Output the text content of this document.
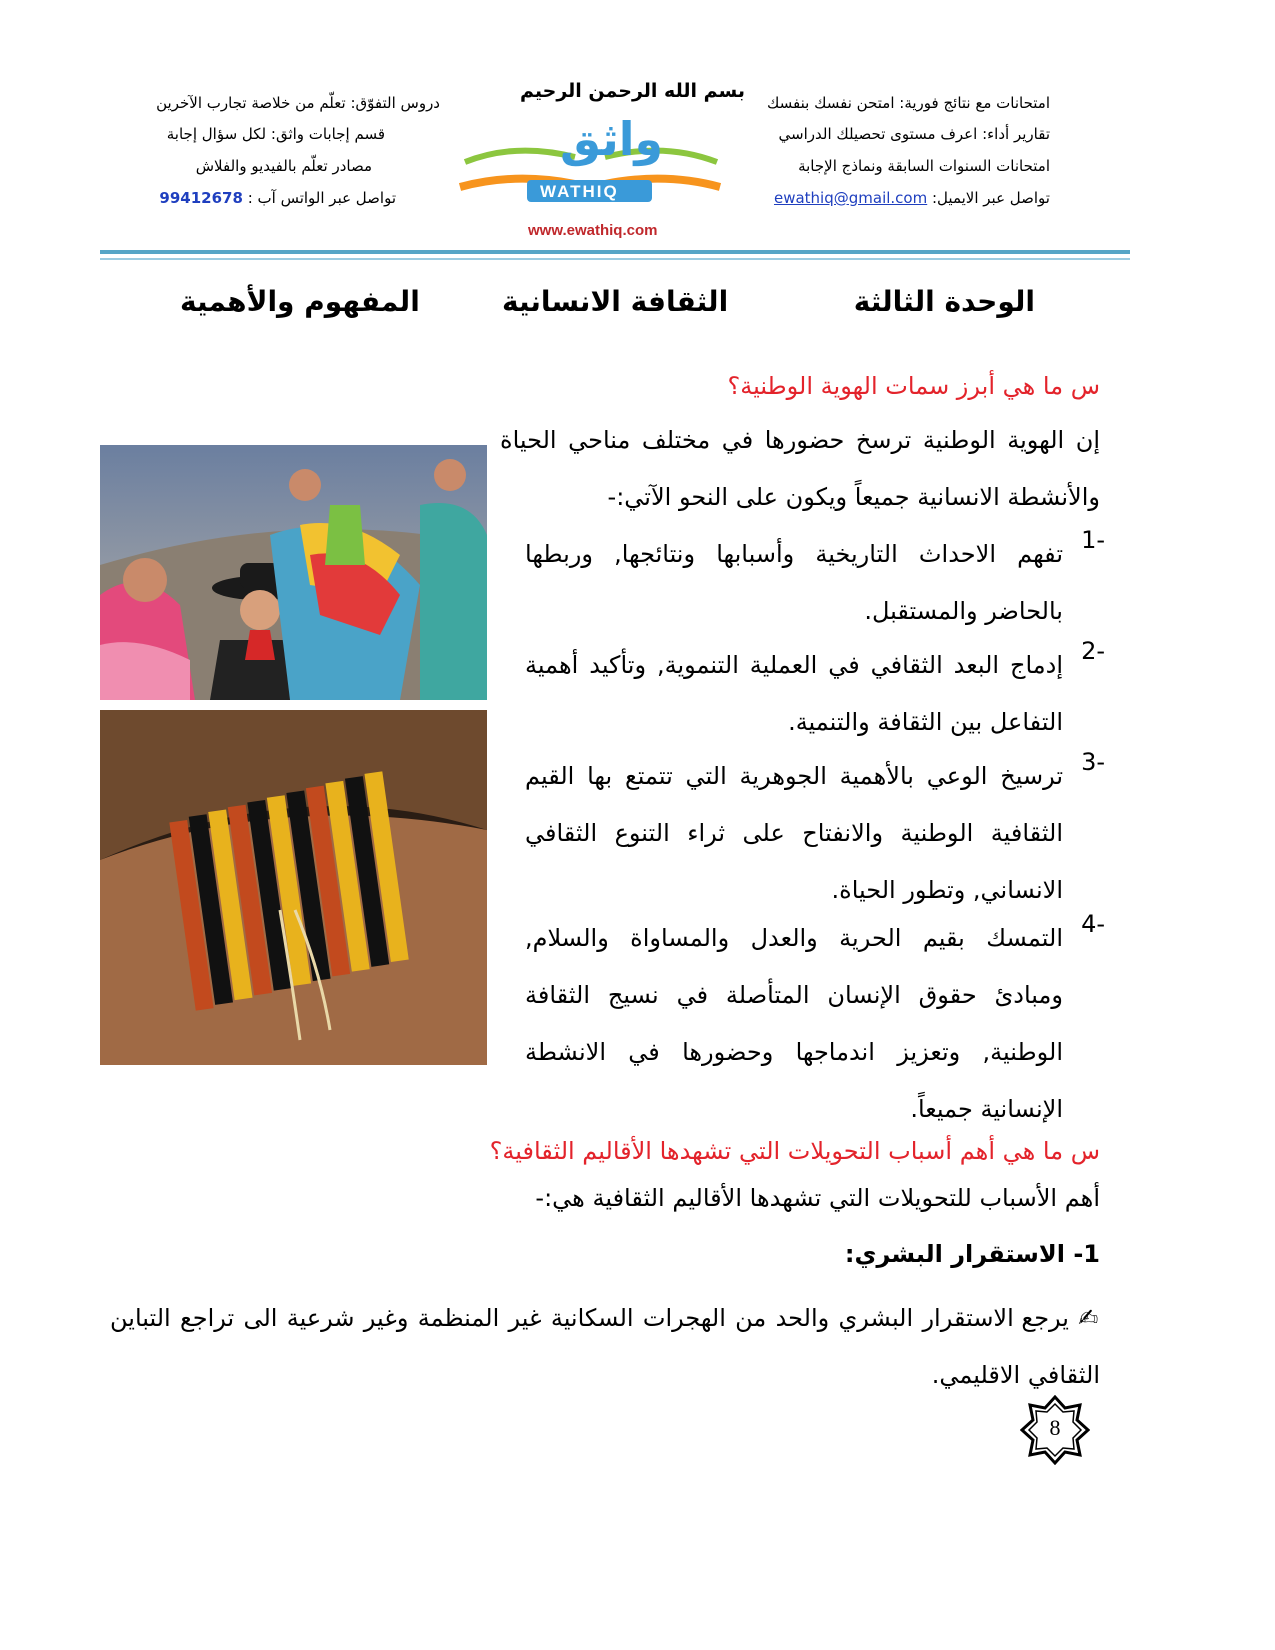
بسم الله الرحمن الرحيم
امتحانات مع نتائج فورية: امتحن نفسك بنفسك
تقارير أداء: اعرف مستوى تحصيلك الدراسي
امتحانات السنوات السابقة ونماذج الإجابة
تواصل عبر الايميل: ewathiq@gmail.com
دروس التفوّق: تعلّم من خلاصة تجارب الآخرين
قسم إجابات واثق: لكل سؤال إجابة
مصادر تعلّم بالفيديو والفلاش
تواصل عبر الواتس آب : 99412678
واثق
WATHIQ
www.ewathiq.com
الوحدة الثالثة
الثقافة الانسانية
المفهوم والأهمية
س ما هي أبرز سمات الهوية الوطنية؟
إن الهوية الوطنية ترسخ حضورها في مختلف مناحي الحياة والأنشطة الانسانية جميعاً ويكون على النحو الآتي:-
1-
تفهم الاحداث التاريخية وأسبابها ونتائجها, وربطها بالحاضر والمستقبل.
2-
إدماج البعد الثقافي في العملية التنموية, وتأكيد أهمية التفاعل بين الثقافة والتنمية.
3-
ترسيخ الوعي بالأهمية الجوهرية التي تتمتع بها القيم الثقافية الوطنية والانفتاح على ثراء التنوع الثقافي الانساني, وتطور الحياة.
4-
التمسك بقيم الحرية والعدل والمساواة والسلام, ومبادئ حقوق الإنسان المتأصلة في نسيج الثقافة الوطنية, وتعزيز اندماجها وحضورها في الانشطة الإنسانية جميعاً.
س ما هي أهم أسباب التحويلات التي تشهدها الأقاليم الثقافية؟
أهم الأسباب للتحويلات التي تشهدها الأقاليم الثقافية هي:-
1- الاستقرار البشري:
✍ يرجع الاستقرار البشري والحد من الهجرات السكانية غير المنظمة وغير شرعية الى تراجع التباين الثقافي الاقليمي.
8
